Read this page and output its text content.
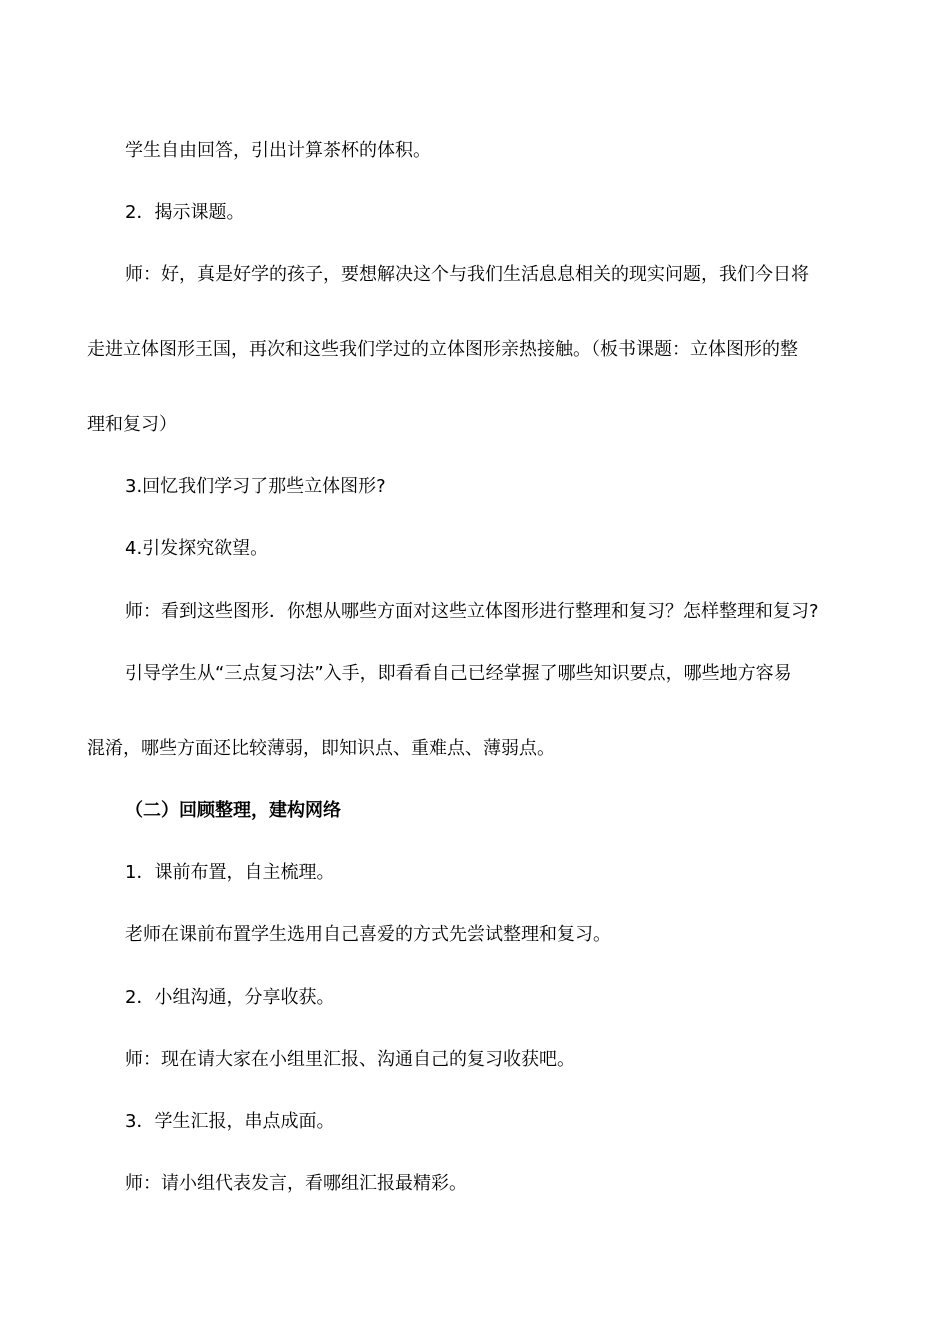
学生自由回答，引出计算茶杯的体积。
2．揭示课题。
师：好，真是好学的孩子，要想解决这个与我们生活息息相关的现实问题，我们今日将
走进立体图形王国，再次和这些我们学过的立体图形亲热接触。（板书课题：立体图形的整
理和复习）
3.回忆我们学习了那些立体图形?
4.引发探究欲望。
师：看到这些图形．你想从哪些方面对这些立体图形进行整理和复习？怎样整理和复习?
引导学生从“三点复习法”入手，即看看自己已经掌握了哪些知识要点，哪些地方容易
混淆，哪些方面还比较薄弱，即知识点、重难点、薄弱点。
（二）回顾整理，建构网络
1．课前布置，自主梳理。
老师在课前布置学生选用自己喜爱的方式先尝试整理和复习。
2．小组沟通，分享收获。
师：现在请大家在小组里汇报、沟通自己的复习收获吧。
3．学生汇报，串点成面。
师：请小组代表发言，看哪组汇报最精彩。
